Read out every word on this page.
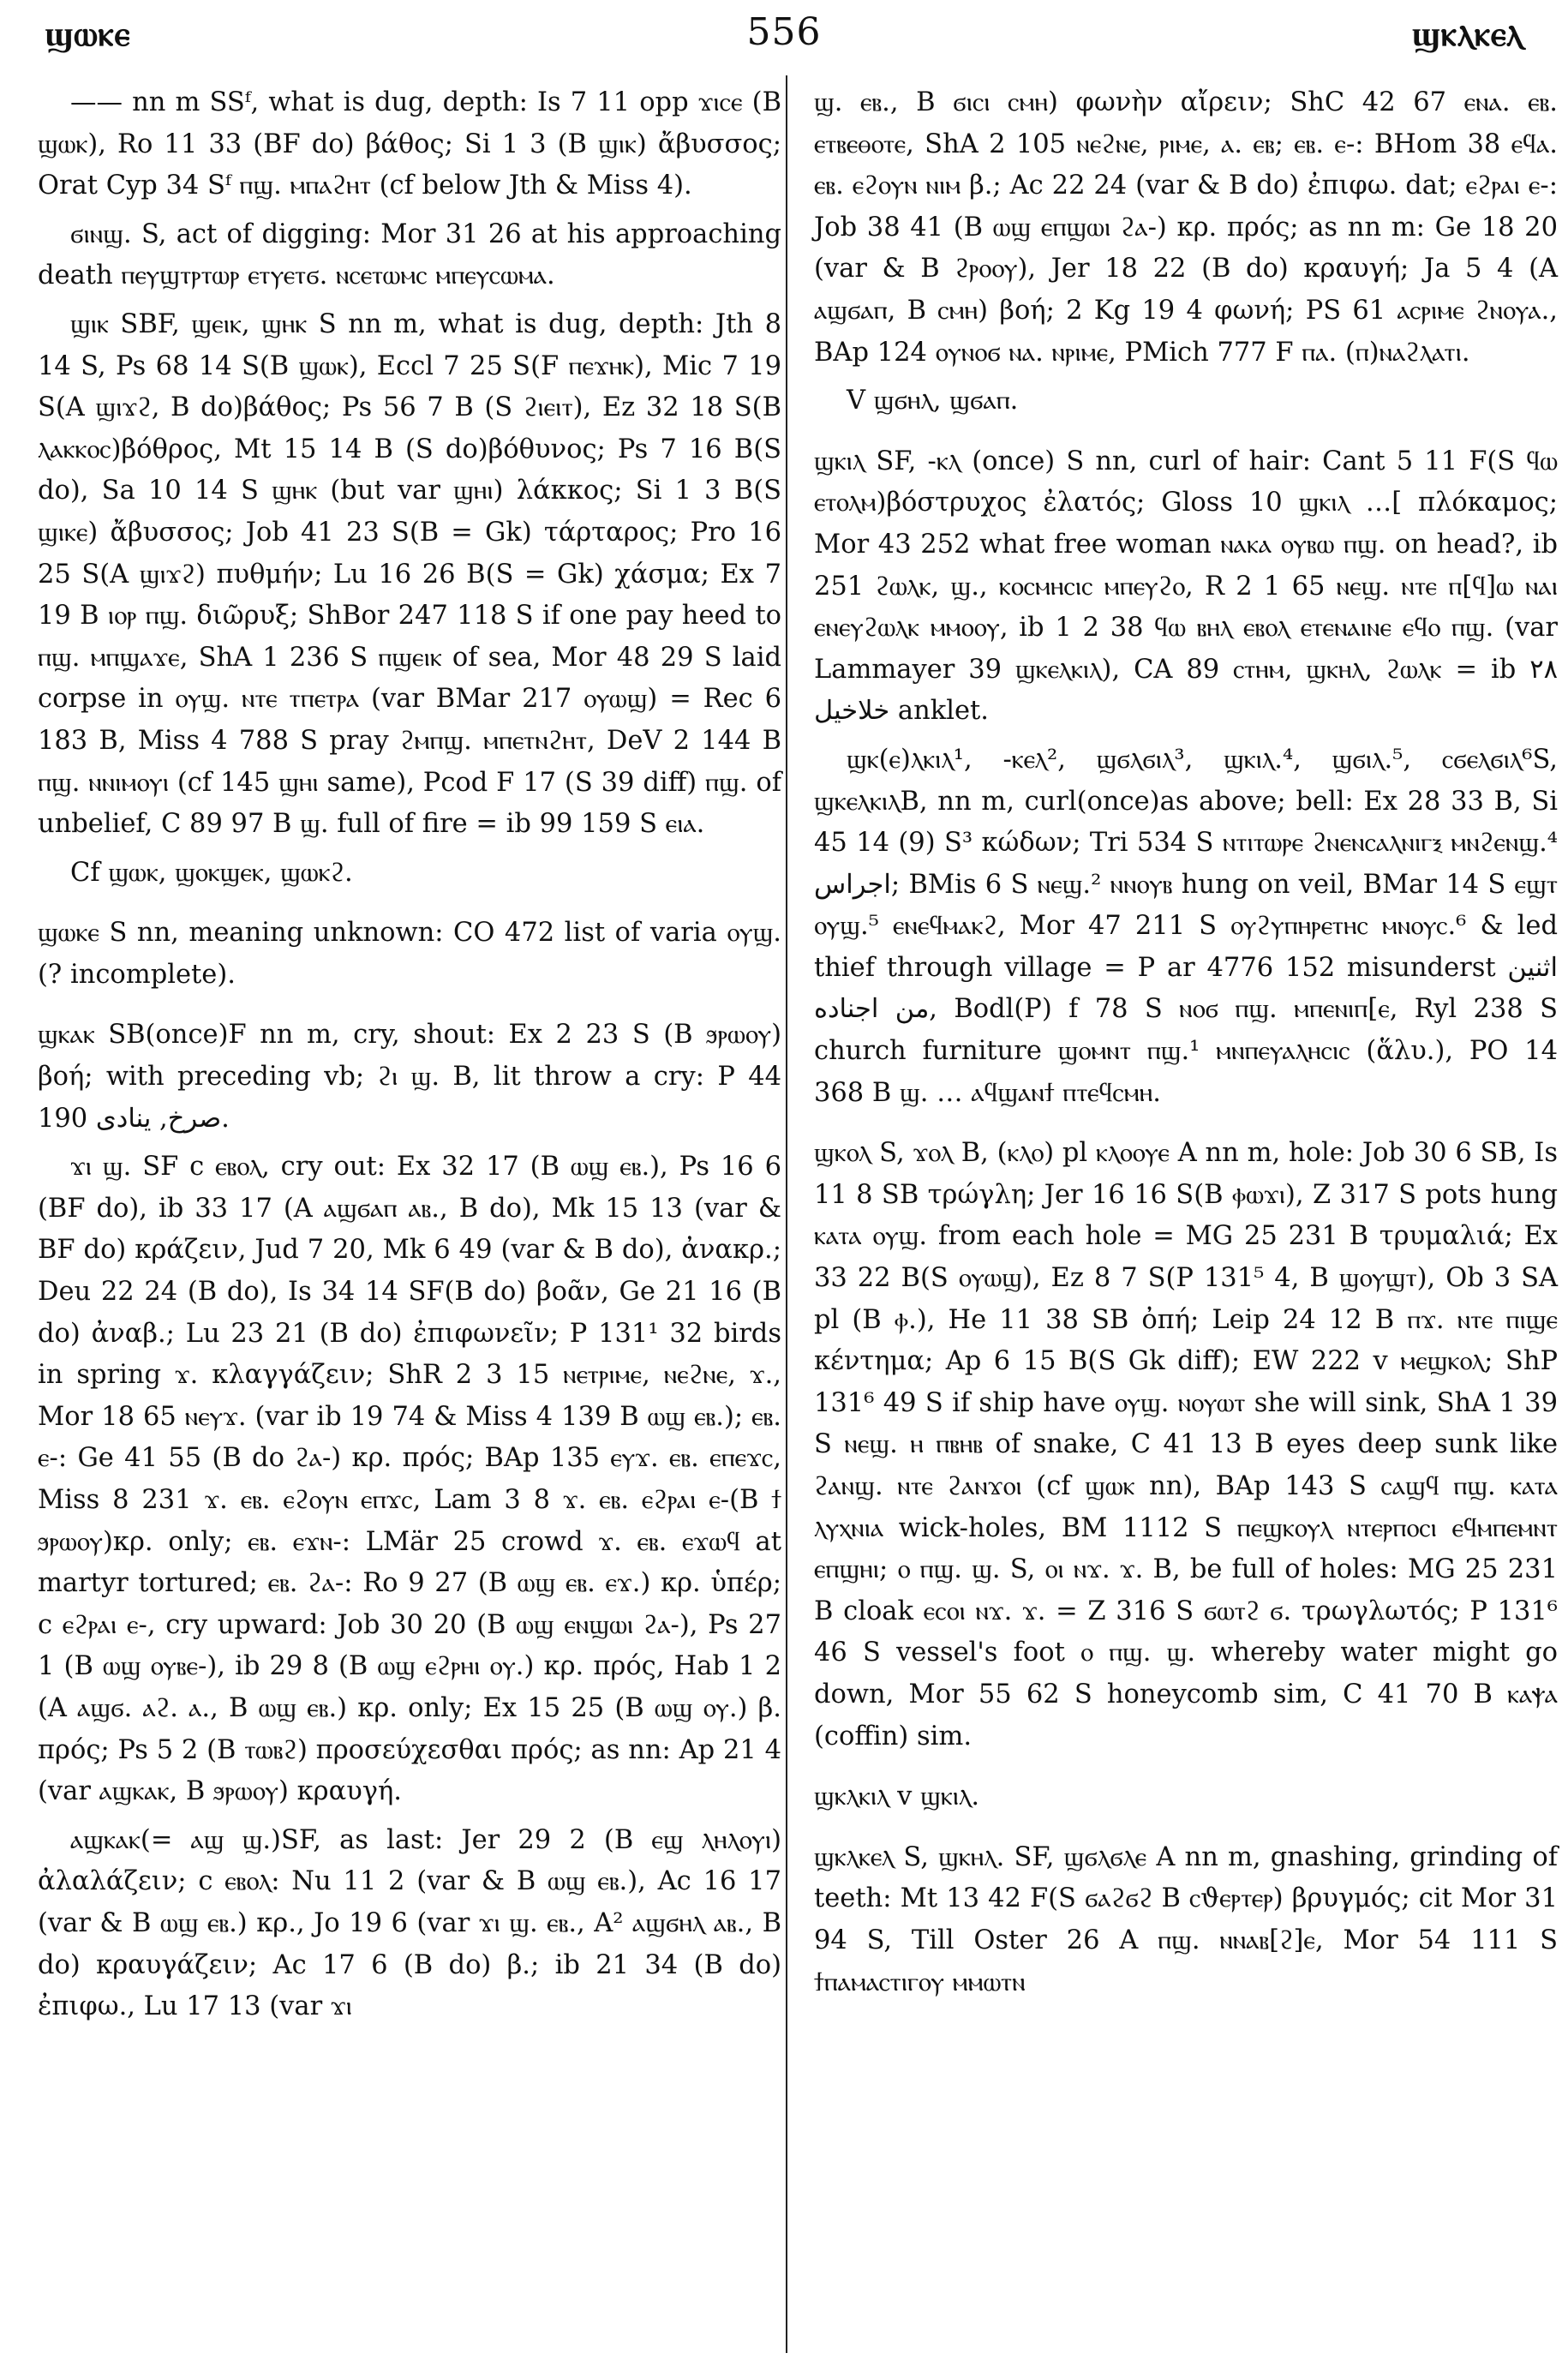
ϣⲱⲕⲉ	556	ϣⲕⲗⲕⲉⲗ

—— nn m SSᶠ, what is dug, depth: Is 7 11 opp ϫⲓⲥⲉ (B ϣⲱⲕ), Ro 11 33 (BF do) βάθος; Si 1 3 (B ϣⲓⲕ) ἄβυσσος; Orat Cyp 34 Sᶠ ⲡϣ. ⲙⲡⲁϩⲏⲧ (cf below Jth & Miss 4).

ϭⲓⲛϣ. S, act of digging: Mor 31 26 at his approaching death ⲡⲉⲩϣⲧⲣⲧⲱⲣ ⲉⲧⲩⲉⲧϭ. ⲛⲥⲉⲧⲱⲙⲥ ⲙⲡⲉⲩⲥⲱⲙⲁ.

ϣⲓⲕ SBF, ϣⲉⲓⲕ, ϣⲏⲕ S nn m, what is dug, depth: Jth 8 14 S, Ps 68 14 S(B ϣⲱⲕ), Eccl 7 25 S(F ⲡⲉϫⲏⲕ), Mic 7 19 S(A ϣⲓϫϩ, B do)βάθος; Ps 56 7 B (S ϩⲓⲉⲓⲧ), Ez 32 18 S(B ⲗⲁⲕⲕⲟⲥ)βόθρος, Mt 15 14 B (S do)βόθυνος; Ps 7 16 B(S do), Sa 10 14 S ϣⲏⲕ (but var ϣⲏⲓ) λάκκος; Si 1 3 B(S ϣⲓⲕⲉ) ἄβυσσος; Job 41 23 S(B = Gk) τάρταρος; Pro 16 25 S(A ϣⲓϫϩ) πυθμήν; Lu 16 26 B(S = Gk) χάσμα; Ex 7 19 B ⲓⲟⲣ ⲡϣ. διῶρυξ; ShBor 247 118 S if one pay heed to ⲡϣ. ⲙⲡϣⲁϫⲉ, ShA 1 236 S ⲡϣⲉⲓⲕ of sea, Mor 48 29 S laid corpse in ⲟⲩϣ. ⲛⲧⲉ ⲧⲡⲉⲧⲣⲁ (var BMar 217 ⲟⲩⲱϣ) = Rec 6 183 B, Miss 4 788 S pray ϩⲙⲡϣ. ⲙⲡⲉⲧⲛϩⲏⲧ, DeV 2 144 B ⲡϣ. ⲛⲛⲓⲙⲟⲩⲓ (cf 145 ϣⲏⲓ same), Pcod F 17 (S 39 diff) ⲡϣ. of unbelief, C 89 97 B ϣ. full of fire = ib 99 159 S ⲉⲓⲁ.

Cf ϣⲱⲕ, ϣⲟⲕϣⲉⲕ, ϣⲱⲕϩ.

ϣⲱⲕⲉ S nn, meaning unknown: CO 472 list of varia ⲟⲩϣ. (? incomplete).

ϣⲕⲁⲕ SB(once)F nn m, cry, shout: Ex 2 23 S (B ϧⲣⲱⲟⲩ) βοή; with preceding vb; ϩⲓ ϣ. B, lit throw a cry: P 44 190 صرخ, ينادى.

ϫⲓ ϣ. SF c ⲉⲃⲟⲗ, cry out: Ex 32 17 (B ⲱϣ ⲉⲃ.), Ps 16 6 (BF do), ib 33 17 (A ⲁϣϭⲁⲡ ⲁⲃ., B do), Mk 15 13 (var & BF do) κράζειν, Jud 7 20, Mk 6 49 (var & B do), ἀνακρ.; Deu 22 24 (B do), Is 34 14 SF(B do) βοᾶν, Ge 21 16 (B do) ἀναβ.; Lu 23 21 (B do) ἐπιφωνεῖν; P 131¹ 32 birds in spring ϫ. κλαγγάζειν; ShR 2 3 15 ⲛⲉⲧⲣⲓⲙⲉ, ⲛⲉϩⲛⲉ, ϫ., Mor 18 65 ⲛⲉⲩϫ. (var ib 19 74 & Miss 4 139 B ⲱϣ ⲉⲃ.); ⲉⲃ. ⲉ-: Ge 41 55 (B do ϩⲁ-) κρ. πρός; BAp 135 ⲉⲩϫ. ⲉⲃ. ⲉⲡⲉϫⲥ, Miss 8 231 ϫ. ⲉⲃ. ⲉϩⲟⲩⲛ ⲉⲡϫⲥ, Lam 3 8 ϫ. ⲉⲃ. ⲉϩⲣⲁⲓ ⲉ-(B ϯ ϧⲣⲱⲟⲩ)κρ. only; ⲉⲃ. ⲉϫⲛ-: LMär 25 crowd ϫ. ⲉⲃ. ⲉϫⲱϥ at martyr tortured; ⲉⲃ. ϩⲁ-: Ro 9 27 (B ⲱϣ ⲉⲃ. ⲉϫ.) κρ. ὑπέρ; c ⲉϩⲣⲁⲓ ⲉ-, cry upward: Job 30 20 (B ⲱϣ ⲉⲛϣⲱⲓ ϩⲁ-), Ps 27 1 (B ⲱϣ ⲟⲩⲃⲉ-), ib 29 8 (B ⲱϣ ⲉϩⲣⲏⲓ ⲟⲩ.) κρ. πρός, Hab 1 2 (A ⲁϣϭ. ⲁϩ. ⲁ., B ⲱϣ ⲉⲃ.) κρ. only; Ex 15 25 (B ⲱϣ ⲟⲩ.) β. πρός; Ps 5 2 (B ⲧⲱⲃϩ) προσεύχεσθαι πρός; as nn: Ap 21 4 (var ⲁϣⲕⲁⲕ, B ϧⲣⲱⲟⲩ) κραυγή.

ⲁϣⲕⲁⲕ(= ⲁϣ ϣ.)SF, as last: Jer 29 2 (B ⲉϣ ⲗⲏⲗⲟⲩⲓ) ἀλαλάζειν; c ⲉⲃⲟⲗ: Nu 11 2 (var & B ⲱϣ ⲉⲃ.), Ac 16 17 (var & B ⲱϣ ⲉⲃ.) κρ., Jo 19 6 (var ϫⲓ ϣ. ⲉⲃ., A² ⲁϣϭⲏⲗ ⲁⲃ., B do) κραυγάζειν; Ac 17 6 (B do) β.; ib 21 34 (B do) ἐπιφω., Lu 17 13 (var ϫⲓ

ϣ. ⲉⲃ., B ϭⲓⲥⲓ ⲥⲙⲏ) φωνὴν αἴρειν; ShC 42 67 ⲉⲛⲁ. ⲉⲃ. ⲉⲧⲃⲉⲑⲟⲧⲉ, ShA 2 105 ⲛⲉϩⲛⲉ, ⲣⲓⲙⲉ, ⲁ. ⲉⲃ; ⲉⲃ. ⲉ-: BHom 38 ⲉϥⲁ. ⲉⲃ. ⲉϩⲟⲩⲛ ⲛⲓⲙ β.; Ac 22 24 (var & B do) ἐπιφω. dat; ⲉϩⲣⲁⲓ ⲉ-: Job 38 41 (B ⲱϣ ⲉⲡϣⲱⲓ ϩⲁ-) κρ. πρός; as nn m: Ge 18 20 (var & B ϩⲣⲟⲟⲩ), Jer 18 22 (B do) κραυγή; Ja 5 4 (A ⲁϣϭⲁⲡ, B ⲥⲙⲏ) βοή; 2 Kg 19 4 φωνή; PS 61 ⲁⲥⲣⲓⲙⲉ ϩⲛⲟⲩⲁ., BAp 124 ⲟⲩⲛⲟϭ ⲛⲁ. ⲛⲣⲓⲙⲉ, PMich 777 F ⲡⲁ. (ⲡ)ⲛⲁϩⲗⲁⲧⲓ.

V ϣϭⲏⲗ, ϣϭⲁⲡ.

ϣⲕⲓⲗ SF, -ⲕⲗ (once) S nn, curl of hair: Cant 5 11 F(S ϥⲱ ⲉⲧⲟⲗⲙ)βόστρυχος ἐλατός; Gloss 10 ϣⲕⲓⲗ …[ πλόκαμος; Mor 43 252 what free woman ⲛⲁⲕⲁ ⲟⲩⲃⲱ ⲡϣ. on head?, ib 251 ϩⲱⲗⲕ, ϣ., ⲕⲟⲥⲙⲏⲥⲓⲥ ⲙⲡⲉⲩϩⲟ, R 2 1 65 ⲛⲉϣ. ⲛⲧⲉ ⲡ[ϥ]ⲱ ⲛⲁⲓ ⲉⲛⲉⲩϩⲱⲗⲕ ⲙⲙⲟⲟⲩ, ib 1 2 38 ϥⲱ ⲃⲏⲗ ⲉⲃⲟⲗ ⲉⲧⲉⲛⲁⲓⲛⲉ ⲉϥⲟ ⲡϣ. (var Lammayer 39 ϣⲕⲉⲗⲕⲓⲗ), CA 89 ⲥⲧⲏⲙ, ϣⲕⲏⲗ, ϩⲱⲗⲕ = ib ٢٨ خلاخيل anklet.

ϣⲕ(ⲉ)ⲗⲕⲓⲗ¹, -ⲕⲉⲗ², ϣϭⲗϭⲓⲗ³, ϣⲕⲓⲗ.⁴, ϣϭⲓⲗ.⁵, ⲥϭⲉⲗϭⲓⲗ⁶S, ϣⲕⲉⲗⲕⲓⲗB, nn m, curl(once)as above; bell: Ex 28 33 B, Si 45 14 (9) S³ κώδων; Tri 534 S ⲛⲧⲓⲧⲱⲣⲉ ϩⲛⲉⲛⲥⲁⲗⲛⲓⲅⲝ ⲙⲛϩⲉⲛϣ.⁴ اجراس; BMis 6 S ⲛⲉϣ.² ⲛⲛⲟⲩⲃ hung on veil, BMar 14 S ⲉϣⲧ ⲟⲩϣ.⁵ ⲉⲛⲉϥⲙⲁⲕϩ, Mor 47 211 S ⲟⲩϩⲩⲡⲏⲣⲉⲧⲏⲥ ⲙⲛⲟⲩⲥ.⁶ & led thief through village = P ar 4776 152 misunderst اثنين من اجناده, Bodl(P) f 78 S ⲛⲟϭ ⲡϣ. ⲙⲡⲉⲛⲓⲡ[ⲉ, Ryl 238 S church furniture ϣⲟⲙⲛⲧ ⲡϣ.¹ ⲙⲛⲡⲉⲩⲁⲗⲏⲥⲓⲥ (ἅλυ.), PO 14 368 B ϣ. … ⲁϥϣⲁⲛϯ ⲡⲧⲉϥⲥⲙⲏ.

ϣⲕⲟⲗ S, ϫⲟⲗ B, (ⲕⲗⲟ) pl ⲕⲗⲟⲟⲩⲉ A nn m, hole: Job 30 6 SB, Is 11 8 SB τρώγλη; Jer 16 16 S(B ⲫⲱϫⲓ), Z 317 S pots hung ⲕⲁⲧⲁ ⲟⲩϣ. from each hole = MG 25 231 B τρυμαλιά; Ex 33 22 B(S ⲟⲩⲱϣ), Ez 8 7 S(P 131⁵ 4, B ϣⲟⲩϣⲧ), Ob 3 SA pl (B ⲫ.), He 11 38 SB ὀπή; Leip 24 12 B ⲡϫ. ⲛⲧⲉ ⲡⲓϣⲉ κέντημα; Ap 6 15 B(S Gk diff); EW 222 v ⲙⲉϣⲕⲟⲗ; ShP 131⁶ 49 S if ship have ⲟⲩϣ. ⲛⲟⲩⲱⲧ she will sink, ShA 1 39 S ⲛⲉϣ. ⲏ ⲡⲃⲏⲃ of snake, C 41 13 B eyes deep sunk like ϩⲁⲛϣ. ⲛⲧⲉ ϩⲁⲛϫⲟⲓ (cf ϣⲱⲕ nn), BAp 143 S ⲥⲁϣϥ ⲡϣ. ⲕⲁⲧⲁ ⲗⲩⲭⲛⲓⲁ wick-holes, BM 1112 S ⲡⲉϣⲕⲟⲩⲗ ⲛⲧⲉⲣⲡⲟⲥⲓ ⲉϥⲙⲡⲉⲙⲛⲧ ⲉⲡϣⲏⲓ; ⲟ ⲡϣ. ϣ. S, ⲟⲓ ⲛϫ. ϫ. B, be full of holes: MG 25 231 B cloak ⲉⲥⲟⲓ ⲛϫ. ϫ. = Z 316 S ϭⲱⲧϩ ϭ. τρωγλωτός; P 131⁶ 46 S vessel's foot ⲟ ⲡϣ. ϣ. whereby water might go down, Mor 55 62 S honeycomb sim, C 41 70 B ⲕⲁⲯⲁ (coffin) sim.

ϣⲕⲗⲕⲓⲗ v ϣⲕⲓⲗ.

ϣⲕⲗⲕⲉⲗ S, ϣⲕⲏⲗ. SF, ϣϭⲗϭⲗⲉ A nn m, gnashing, grinding of teeth: Mt 13 42 F(S ϭⲁϩϭϩ B ⲥϑⲉⲣⲧⲉⲣ) βρυγμός; cit Mor 31 94 S, Till Oster 26 A ⲡϣ. ⲛⲛⲁⲃ[ϩ]ⲉ, Mor 54 111 S ϯⲡⲁⲙⲁⲥⲧⲓⲅⲟⲩ ⲙⲙⲱⲧⲛ
